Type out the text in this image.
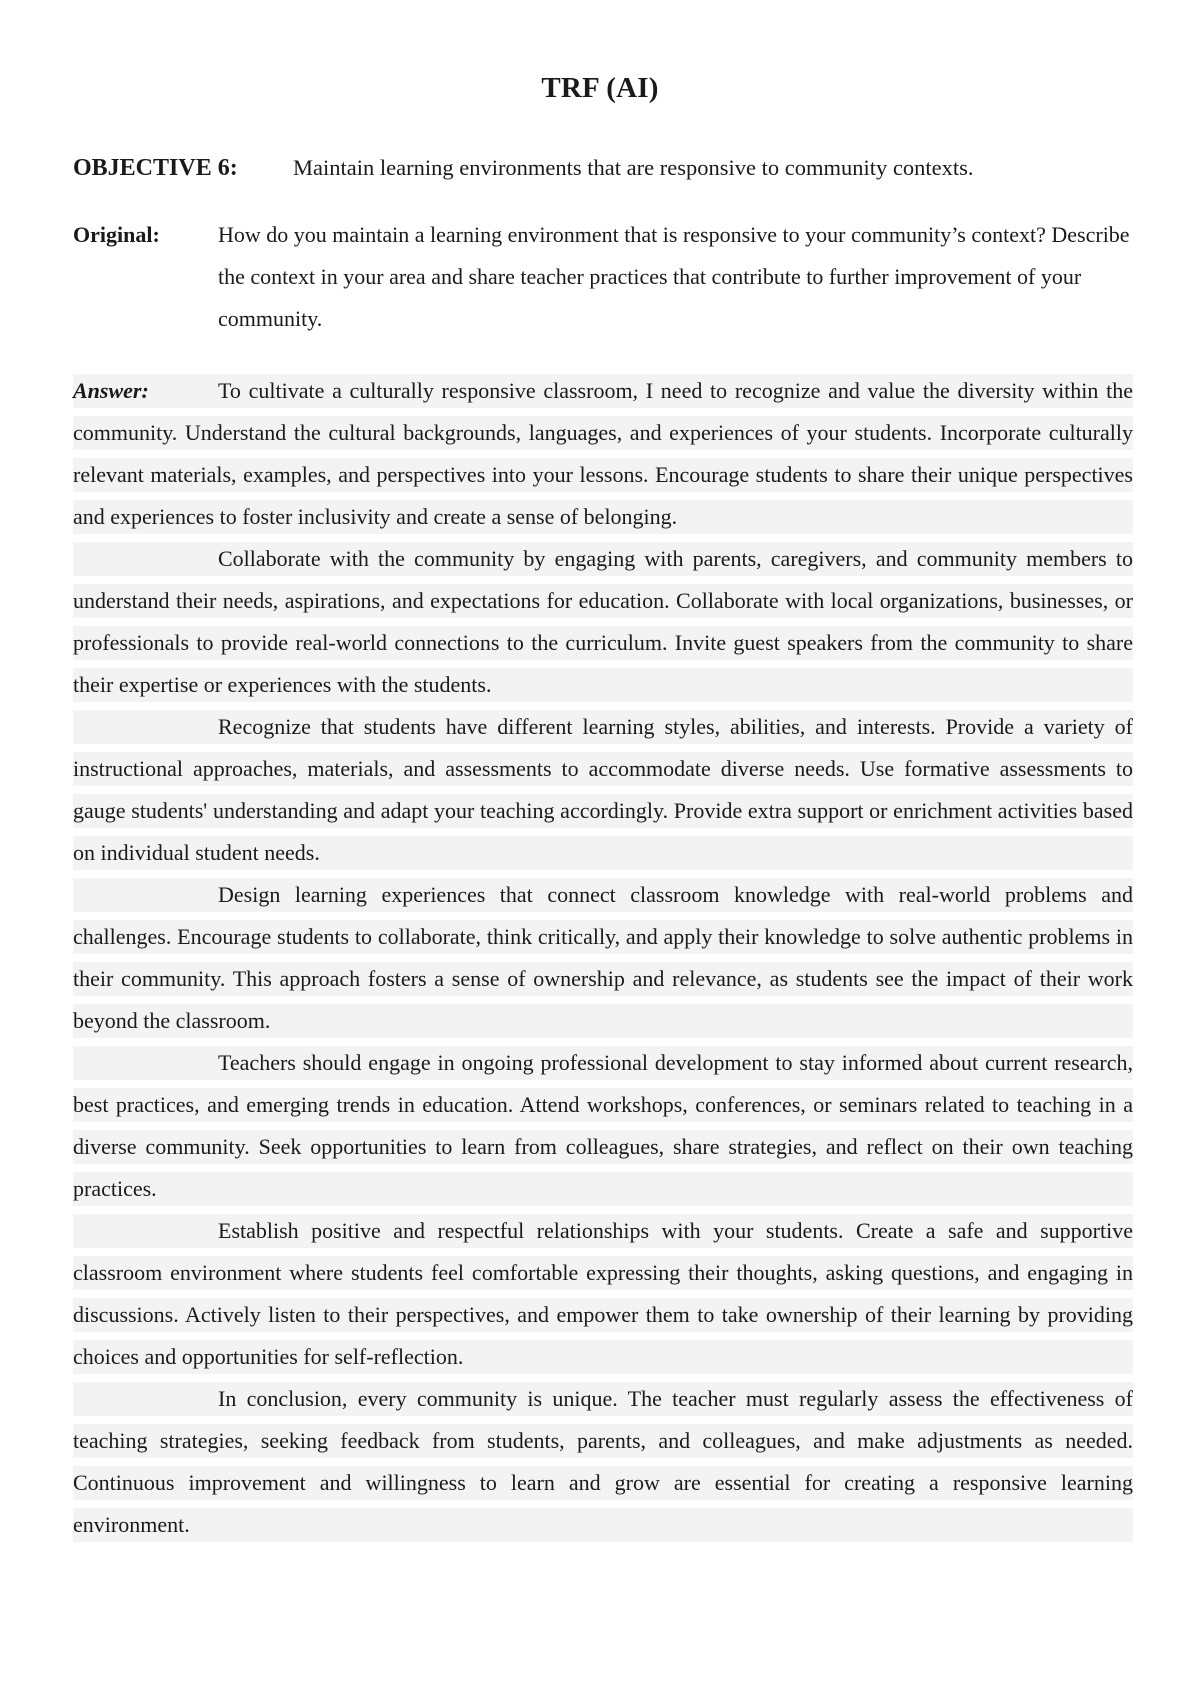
TRF (AI)
OBJECTIVE 6: Maintain learning environments that are responsive to community contexts.
Original:	How do you maintain a learning environment that is responsive to your community’s context? Describe the context in your area and share teacher practices that contribute to further improvement of your community.

Answer:	To cultivate a culturally responsive classroom, I need to recognize and value the diversity within the community. Understand the cultural backgrounds, languages, and experiences of your students. Incorporate culturally relevant materials, examples, and perspectives into your lessons. Encourage students to share their unique perspectives and experiences to foster inclusivity and create a sense of belonging.

Collaborate with the community by engaging with parents, caregivers, and community members to understand their needs, aspirations, and expectations for education. Collaborate with local organizations, businesses, or professionals to provide real-world connections to the curriculum. Invite guest speakers from the community to share their expertise or experiences with the students.

Recognize that students have different learning styles, abilities, and interests. Provide a variety of instructional approaches, materials, and assessments to accommodate diverse needs. Use formative assessments to gauge students' understanding and adapt your teaching accordingly. Provide extra support or enrichment activities based on individual student needs.

Design learning experiences that connect classroom knowledge with real-world problems and challenges. Encourage students to collaborate, think critically, and apply their knowledge to solve authentic problems in their community. This approach fosters a sense of ownership and relevance, as students see the impact of their work beyond the classroom.

Teachers should engage in ongoing professional development to stay informed about current research, best practices, and emerging trends in education. Attend workshops, conferences, or seminars related to teaching in a diverse community. Seek opportunities to learn from colleagues, share strategies, and reflect on their own teaching practices.

Establish positive and respectful relationships with your students. Create a safe and supportive classroom environment where students feel comfortable expressing their thoughts, asking questions, and engaging in discussions. Actively listen to their perspectives, and empower them to take ownership of their learning by providing choices and opportunities for self-reflection.

In conclusion, every community is unique. The teacher must regularly assess the effectiveness of teaching strategies, seeking feedback from students, parents, and colleagues, and make adjustments as needed. Continuous improvement and willingness to learn and grow are essential for creating a responsive learning environment.
